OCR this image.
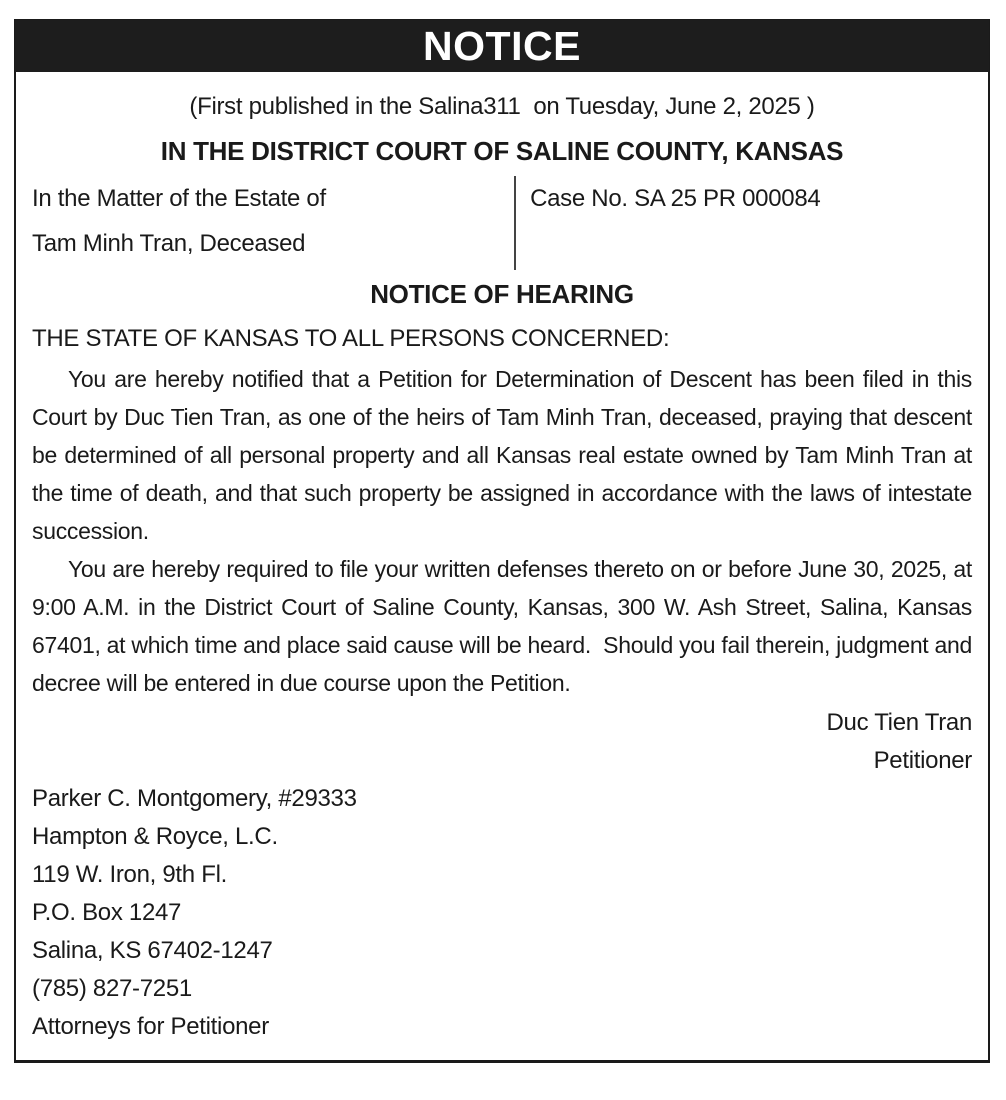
NOTICE
(First published in the Salina311  on Tuesday, June 2, 2025 )
IN THE DISTRICT COURT OF SALINE COUNTY, KANSAS
In the Matter of the Estate of
Tam Minh Tran, Deceased
Case No. SA 25 PR 000084
NOTICE OF HEARING
THE STATE OF KANSAS TO ALL PERSONS CONCERNED:
You are hereby notified that a Petition for Determination of Descent has been filed in this Court by Duc Tien Tran, as one of the heirs of Tam Minh Tran, deceased, praying that descent be determined of all personal property and all Kansas real estate owned by Tam Minh Tran at the time of death, and that such property be assigned in accordance with the laws of intestate succession.
You are hereby required to file your written defenses thereto on or before June 30, 2025, at  9:00 A.M. in the District Court of Saline County, Kansas, 300 W. Ash Street, Salina, Kansas 67401, at which time and place said cause will be heard.  Should you fail therein, judgment and decree will be entered in due course upon the Petition.
Duc Tien Tran
Petitioner
Parker C. Montgomery, #29333
Hampton & Royce, L.C.
119 W. Iron, 9th Fl.
P.O. Box 1247
Salina, KS 67402-1247
(785) 827-7251
Attorneys for Petitioner
